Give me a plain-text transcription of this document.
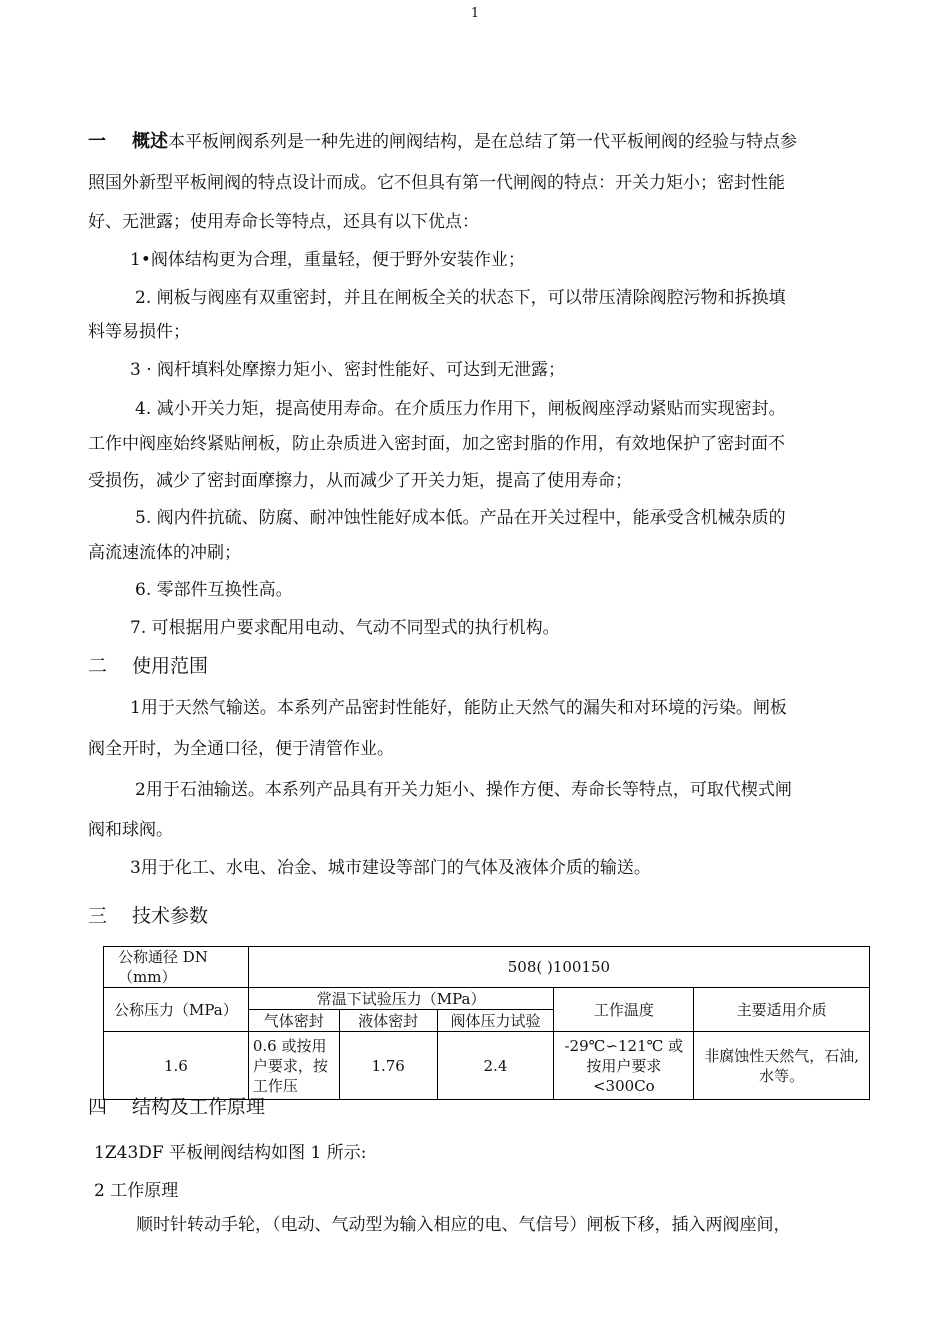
1
一 概述本平板闸阀系列是一种先进的闸阀结构，是在总结了第一代平板闸阀的经验与特点参
照国外新型平板闸阀的特点设计而成。它不但具有第一代闸阀的特点：开关力矩小；密封性能
好、无泄露；使用寿命长等特点，还具有以下优点：
1•阀体结构更为合理，重量轻，便于野外安装作业；
2. 闸板与阀座有双重密封，并且在闸板全关的状态下，可以带压清除阀腔污物和拆换填
料等易损件；
3 · 阀杆填料处摩擦力矩小、密封性能好、可达到无泄露；
4. 减小开关力矩，提高使用寿命。在介质压力作用下，闸板阀座浮动紧贴而实现密封。
工作中阀座始终紧贴闸板，防止杂质进入密封面，加之密封脂的作用，有效地保护了密封面不
受损伤，减少了密封面摩擦力，从而减少了开关力矩，提高了使用寿命；
5. 阀内件抗硫、防腐、耐冲蚀性能好成本低。产品在开关过程中，能承受含机械杂质的
高流速流体的冲刷；
6. 零部件互换性高。
7. 可根据用户要求配用电动、气动不同型式的执行机构。
二 使用范围
1用于天然气输送。本系列产品密封性能好，能防止天然气的漏失和对环境的污染。闸板
阀全开时，为全通口径，便于清管作业。
2用于石油输送。本系列产品具有开关力矩小、操作方便、寿命长等特点，可取代楔式闸
阀和球阀。
3用于化工、水电、冶金、城市建设等部门的气体及液体介质的输送。
三 技术参数
公称通径 DN（mm）	508( )100150				
公称压力（MPa）	常温下试验压力（MPa）			工作温度	主要适用介质
	气体密封	液体密封	阀体压力试验		
1.6	0.6 或按用户要求，按工作压	1.76	2.4	-29℃∽121℃ 或按用户要求 <300Co	非腐蚀性天然气，石油,水等。
四 结构及工作原理
1Z43DF 平板闸阀结构如图 1 所示:
2 工作原理
顺时针转动手轮，（电动、气动型为输入相应的电、气信号）闸板下移，插入两阀座间，
